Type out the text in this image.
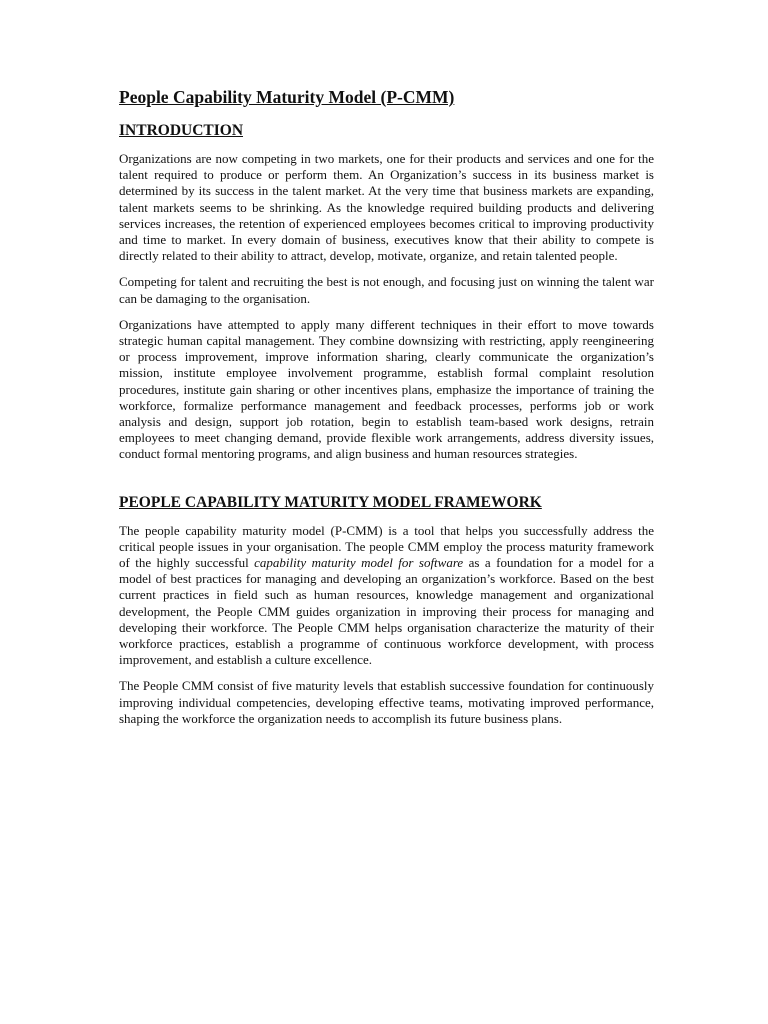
People Capability Maturity Model (P-CMM)
INTRODUCTION

Organizations are now competing in two markets, one for their products and services and one for the talent required to produce or perform them. An Organization’s success in its business market is determined by its success in the talent market. At the very time that business markets are expanding, talent markets seems to be shrinking. As the knowledge required building products and delivering services increases, the retention of experienced employees becomes critical to improving productivity and time to market. In every domain of business, executives know that their ability to compete is directly related to their ability to attract, develop, motivate, organize, and retain talented people.

Competing for talent and recruiting the best is not enough, and focusing just on winning the talent war can be damaging to the organisation.

Organizations have attempted to apply many different techniques in their effort to move towards strategic human capital management. They combine downsizing with restricting, apply reengineering or process improvement, improve information sharing, clearly communicate the organization’s mission, institute employee involvement programme, establish formal complaint resolution procedures, institute gain sharing or other incentives plans, emphasize the importance of training the workforce, formalize performance management and feedback processes, performs job or work analysis and design, support job rotation, begin to establish team-based work designs, retrain employees to meet changing demand, provide flexible work arrangements, address diversity issues, conduct formal mentoring programs, and align business and human resources strategies.

PEOPLE CAPABILITY MATURITY MODEL FRAMEWORK

The people capability maturity model (P-CMM) is a tool that helps you successfully address the critical people issues in your organisation. The people CMM employ the process maturity framework of the highly successful capability maturity model for software as a foundation for a model for a model of best practices for managing and developing an organization’s workforce. Based on the best current practices in field such as human resources, knowledge management and organizational development, the People CMM guides organization in improving their process for managing and developing their workforce. The People CMM helps organisation characterize the maturity of their workforce practices, establish a programme of continuous workforce development, with process improvement, and establish a culture excellence.

The People CMM consist of five maturity levels that establish successive foundation for continuously improving individual competencies, developing effective teams, motivating improved performance, shaping the workforce the organization needs to accomplish its future business plans.
